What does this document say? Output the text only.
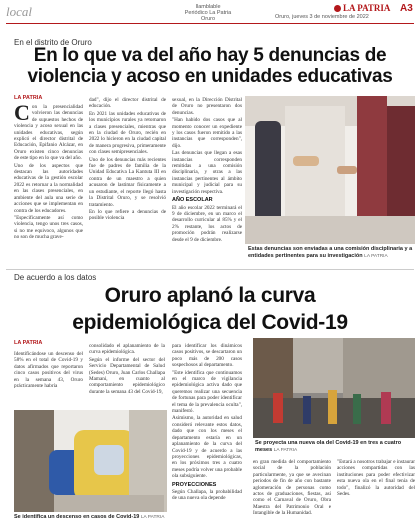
local	Ilamblable
Periódico La Patria Oruro	Oruro, jueves 3 de noviembre de 2022
LA PATRIA A3
En el distrito de Oruro
En lo que va del año hay 5 denuncias de
violencia y acoso en unidades educativas
LA PATRIA
C on la presencialidad volvieron las denuncias de supuestos hechos de violencia y acoso sexual en las unidades educativas, según explicó el director distrital de Educación, Epifanio Alcázar, en Oruro existen cinco denuncias de este tipo en lo que va del año.

Uno de los aspectos que destacan las autoridades educativas de la gestión escolar 2022 es retornar a la normalidad en las clases presenciales, en ambiente del aula una serie de acciones que se implementan en contra de los educadores.

"Especificamente así como violencia, tengo unos tres casos, si no me equivoco, algunos que no son de mucha grave-

dad", dijo el director distrital de educación.

En 2021 las unidades educativas de los municipios rurales ya retornaron a clases presenciales, mientras que en la ciudad de Oruro, recién en 2022 lo hicieron en la ciudad capital de manera progresiva, primeramente con clases semipresenciales.

Uno de los denuncias más recientes fue de padres de familia de la Unidad Educativa La Kantuta III en contra de un maestro a quien acusaron de lastimar físicamente a un estudiante, el reporte llegó hasta la Distrital Oruro, y se resolvió tratamiento.

En lo que refiere a denuncias de posible violencia

sexual, en la Dirección Distrital de Oruro no presentaron dos denuncias.

"Han habido dos casos que al momento conocer un expediente y los casos fueron remitido a las instancias que corresponden", dijo.

Las denuncias que llegan a esas instancias corresponden remitidas a una comisión disciplinaria, y otras a las instancias pertinentes al ámbito municipal y judicial para su investigación respectiva.

AÑO ESCOLAR

El año escolar 2022 terminará el 9 de diciembre, en un marco el desarrollo curricular al 85% y el 2% restante, los actos de promoción podrán realizarse desde el 9 de diciembre.

Estas denuncias son enviadas a una comisión disciplinaria y a entidades pertinentes para su investigación LA PATRIA
De acuerdo a los datos
Oruro aplanó la curva
epidemiológica del Covid-19
LA PATRIA

Identificándose un descenso del 58% en el total de Covid-19 y datos afirmados que reportaron cinco casos positivos del virus en la semana 43, Oruro prácticamente habría

consolidado el aplanamiento de la curva epidemiológica.

Según el informe del sector del Servicio Departamental de Salud (Sedes) Oruro, Juan Carlos Challapa Mamani, en cuanto al comportamiento epidemiológico durante la semana 43 del Covid-19,

para identificar los dinámicos casos positivos, se descartaron un poco más de 200 casos sospechosos al departamento.

"Este identifica que continuamos en el marco de vigilancia epidemiológica activa dado que queremos realizar una secuencia de fortunas para poder identificar el tema de la prevalencia oculta", manifestó.

Asimismo, la autoridad en salud consideró relevante estos datos, dado que con los meses el departamento estaría en un aplanamiento de la curva del Covid-19 y de acuerdo a las proyecciones epidemiológicas, en los próximos tres a cuatro meses podría volver una probable ola subsiguiente.

PROYECCIONES

Según Challapa, la probabilidad de una nueva ola depende

Se identifica un descenso en casos de Covid-19 LA PATRIA
Se proyecta una nueva ola del Covid-19 en tres a cuatro meses LA PATRIA

en gran medida del comportamiento social de la población particularmente, ya que se avecinan periodos de fin de año con bastante aglomeración de personas como actos de graduaciones, fiestas, así como el Carnaval de Oruro, Obra Maestra del Patrimonio Oral e Intangible de la Humanidad.

"Estará a nosotros trabajar e instaurar acciones compartidas con las instituciones para poder efectivizar esta nueva ola en el final tenía de todo", finalizó la autoridad del Sedes.
